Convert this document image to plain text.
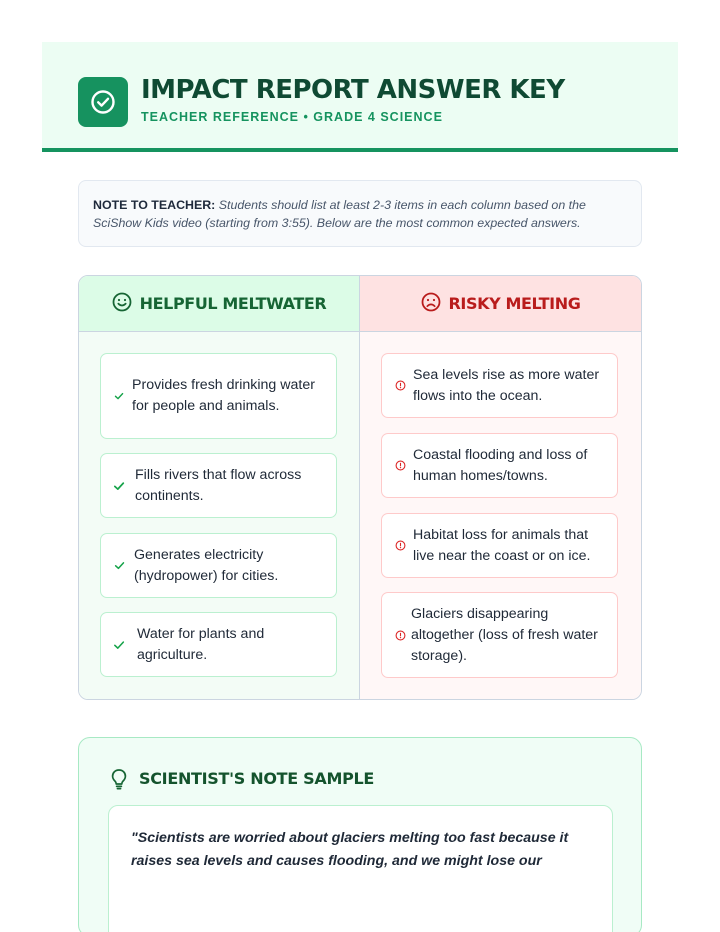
IMPACT REPORT ANSWER KEY
TEACHER REFERENCE • GRADE 4 SCIENCE
NOTE TO TEACHER: Students should list at least 2-3 items in each column based on the SciShow Kids video (starting from 3:55). Below are the most common expected answers.
HELPFUL MELTWATER
Provides fresh drinking water for people and animals.
Fills rivers that flow across continents.
Generates electricity (hydropower) for cities.
Water for plants and agriculture.
RISKY MELTING
Sea levels rise as more water flows into the ocean.
Coastal flooding and loss of human homes/towns.
Habitat loss for animals that live near the coast or on ice.
Glaciers disappearing altogether (loss of fresh water storage).
SCIENTIST'S NOTE SAMPLE
"Scientists are worried about glaciers melting too fast because it raises sea levels and causes flooding, and we might lose our
